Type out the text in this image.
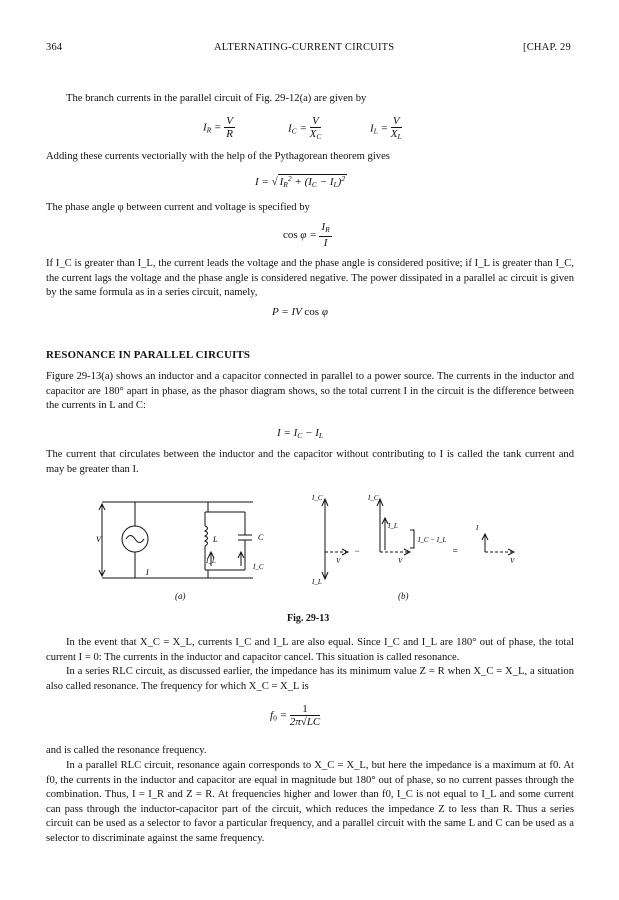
364	ALTERNATING-CURRENT CIRCUITS	[CHAP. 29
The branch currents in the parallel circuit of Fig. 29-12(a) are given by
$I_R = \frac{V}{R}$	$I_C = \frac{V}{X_C}$	$I_L = \frac{V}{X_L}$
Adding these currents vectorially with the help of the Pythagorean theorem gives
I = √ $I_R^2 + (I_C - I_L)^2$
The phase angle φ between current and voltage is specified by
$\cos \varphi = \frac{I_R}{I}$
If I_C is greater than I_L, the current leads the voltage and the phase angle is considered positive; if I_L is greater than I_C, the current lags the voltage and the phase angle is considered negative. The power dissipated in a parallel ac circuit is given by the same formula as in a series circuit, namely,
P = IV cos φ
RESONANCE IN PARALLEL CIRCUITS
Figure 29-13(a) shows an inductor and a capacitor connected in parallel to a power source. The currents in the inductor and capacitor are 180° apart in phase, as the phasor diagram shows, so the total current I in the circuit is the difference between the currents in L and C:
$I = I_C - I_L$
The current that circulates between the inductor and the capacitor without contributing to I is called the tank current and may be greater than I.
V	L	C
I_L
I_C
I
I_C
I_L
V
−
I_C
I_L
I_C − I_L
V
=
I
V
(a)	(b)
Fig. 29-13
In the event that X_C = X_L, currents I_C and I_L are also equal. Since I_C and I_L are 180° out of phase, the total current I = 0: The currents in the inductor and capacitor cancel. This situation is called resonance.
In a series RLC circuit, as discussed earlier, the impedance has its minimum value Z = R when X_C = X_L, a situation also called resonance. The frequency for which X_C = X_L is
$f_0 = \frac{1}{2\pi√LC}$
and is called the resonance frequency.
In a parallel RLC circuit, resonance again corresponds to X_C = X_L, but here the impedance is a maximum at f0. At f0, the currents in the inductor and capacitor are equal in magnitude but 180° out of phase, so no current passes through the combination. Thus, I = I_R and Z = R. At frequencies higher and lower than f0, I_C is not equal to I_L and some current can pass through the inductor-capacitor part of the circuit, which reduces the impedance Z to less than R. Thus a series circuit can be used as a selector to favor a particular frequency, and a parallel circuit with the same L and C can be used as a selector to discriminate against the same frequency.
